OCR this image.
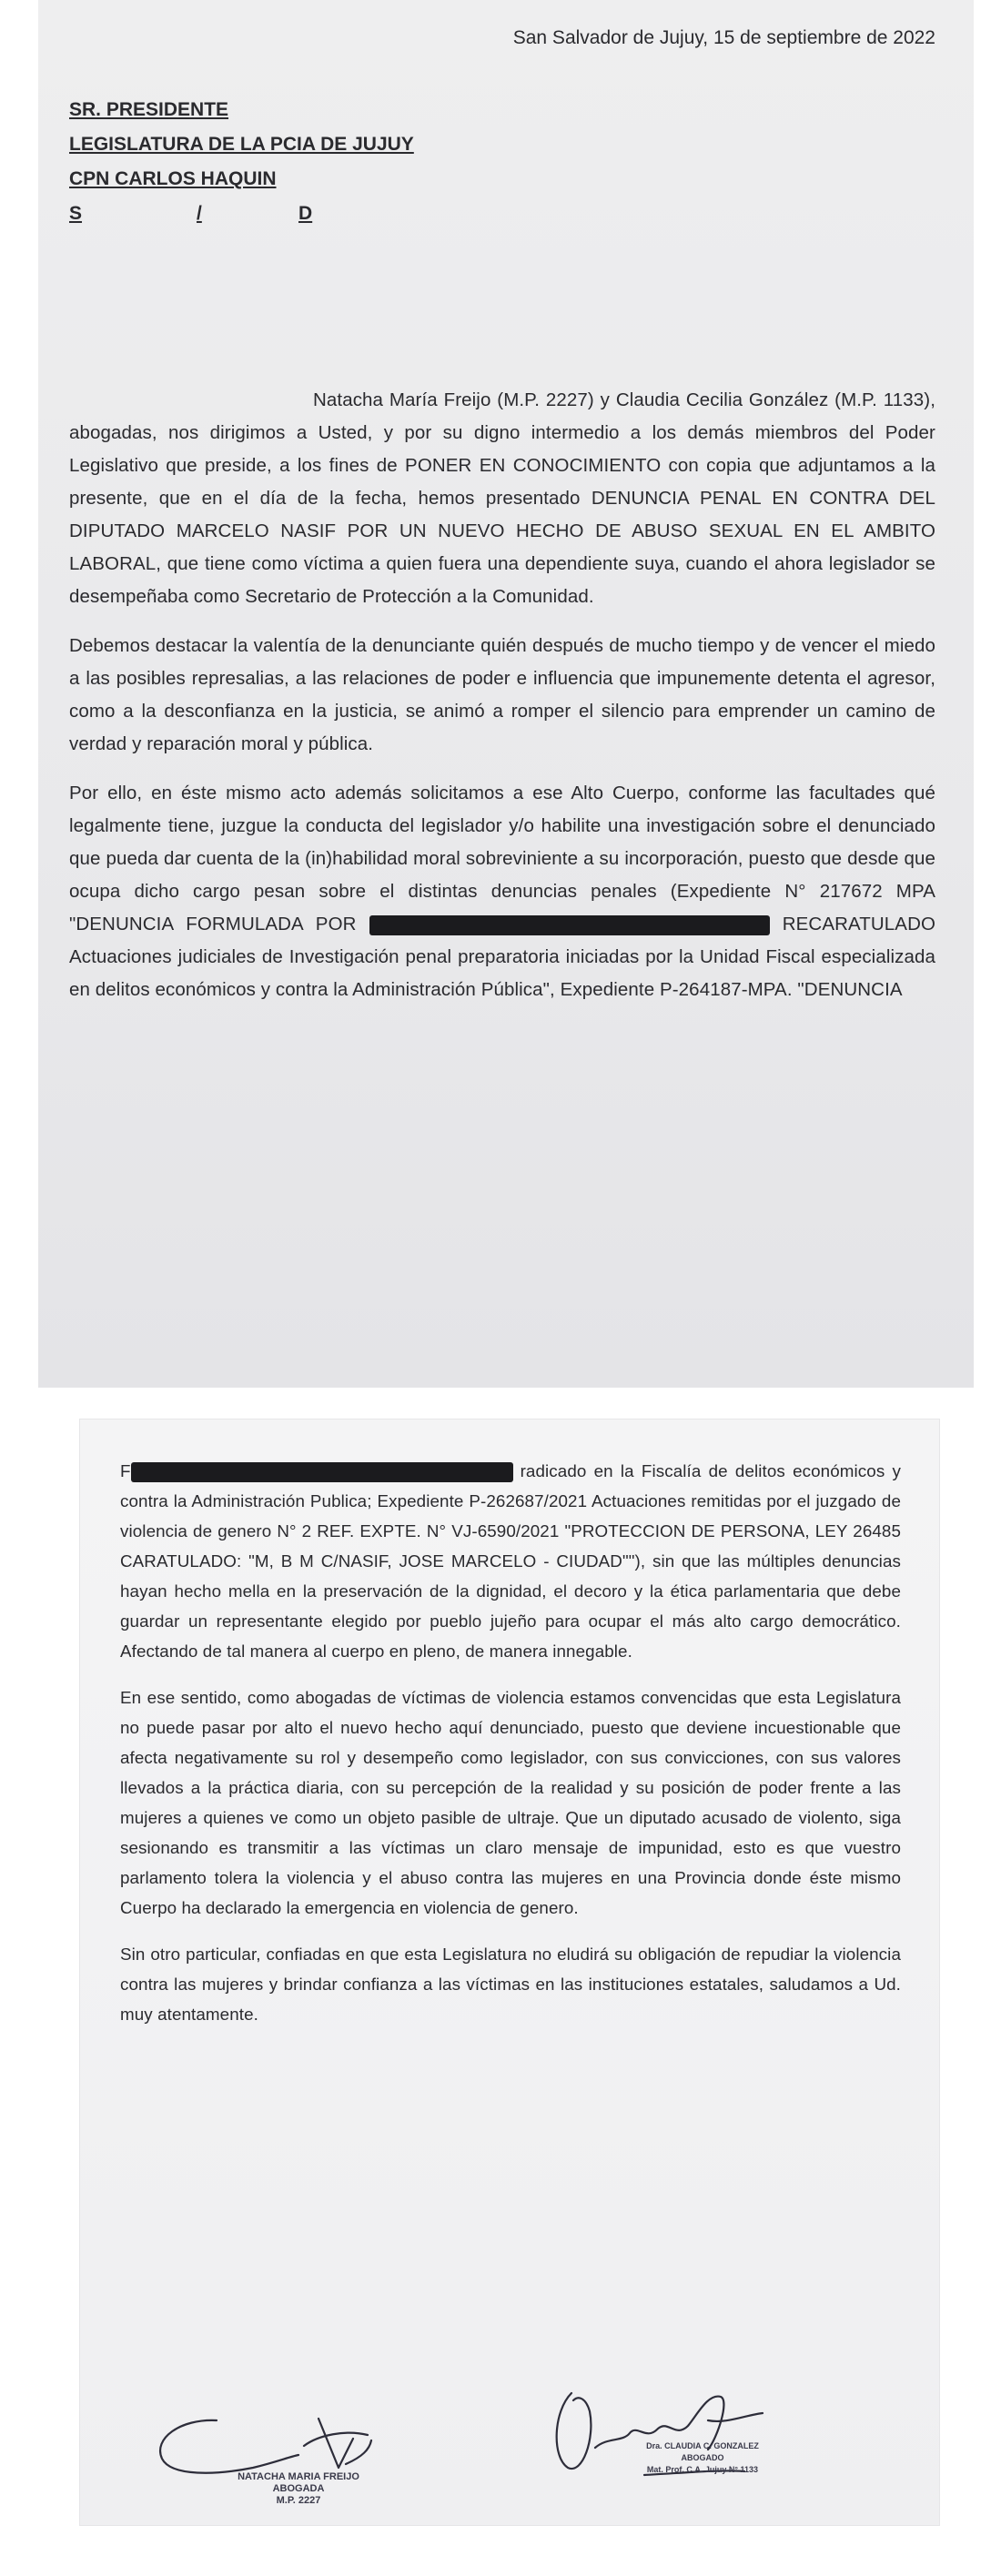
San Salvador de Jujuy, 15 de septiembre de 2022

SR. PRESIDENTE

LEGISLATURA DE LA PCIA DE JUJUY

CPN CARLOS HAQUIN

S	/	D

Natacha María Freijo (M.P. 2227) y Claudia Cecilia González (M.P. 1133), abogadas, nos dirigimos a Usted, y por su digno intermedio a los demás miembros del Poder Legislativo que preside, a los fines de PONER EN CONOCIMIENTO con copia que adjuntamos a la presente, que en el día de la fecha, hemos presentado DENUNCIA PENAL EN CONTRA DEL DIPUTADO MARCELO NASIF POR UN NUEVO HECHO DE ABUSO SEXUAL EN EL AMBITO LABORAL, que tiene como víctima a quien fuera una dependiente suya, cuando el ahora legislador se desempeñaba como Secretario de Protección a la Comunidad.

Debemos destacar la valentía de la denunciante quién después de mucho tiempo y de vencer el miedo a las posibles represalias, a las relaciones de poder e influencia que impunemente detenta el agresor, como a la desconfianza en la justicia, se animó a romper el silencio para emprender un camino de verdad y reparación moral y pública.

Por ello, en éste mismo acto además solicitamos a ese Alto Cuerpo, conforme las facultades qué legalmente tiene, juzgue la conducta del legislador y/o habilite una investigación sobre el denunciado que pueda dar cuenta de la (in)habilidad moral sobreviniente a su incorporación, puesto que desde que ocupa dicho cargo pesan sobre el distintas denuncias penales (Expediente N° 217672 MPA "DENUNCIA FORMULADA POR	RECARATULADO Actuaciones judiciales de Investigación penal preparatoria iniciadas por la Unidad Fiscal especializada en delitos económicos y contra la Administración Pública", Expediente P-264187-MPA. "DENUNCIA

F	radicado en la Fiscalía de delitos económicos y contra la Administración Publica; Expediente P-262687/2021 Actuaciones remitidas por el juzgado de violencia de genero N° 2 REF. EXPTE. N° VJ-6590/2021 "PROTECCION DE PERSONA, LEY 26485 CARATULADO: "M, B M C/NASIF, JOSE MARCELO - CIUDAD""), sin que las múltiples denuncias hayan hecho mella en la preservación de la dignidad, el decoro y la ética parlamentaria que debe guardar un representante elegido por pueblo jujeño para ocupar el más alto cargo democrático. Afectando de tal manera al cuerpo en pleno, de manera innegable.

En ese sentido, como abogadas de víctimas de violencia estamos convencidas que esta Legislatura no puede pasar por alto el nuevo hecho aquí denunciado, puesto que deviene incuestionable que afecta negativamente su rol y desempeño como legislador, con sus convicciones, con sus valores llevados a la práctica diaria, con su percepción de la realidad y su posición de poder frente a las mujeres a quienes ve como un objeto pasible de ultraje. Que un diputado acusado de violento, siga sesionando es transmitir a las víctimas un claro mensaje de impunidad, esto es que vuestro parlamento tolera la violencia y el abuso contra las mujeres en una Provincia donde éste mismo Cuerpo ha declarado la emergencia en violencia de genero.

Sin otro particular, confiadas en que esta Legislatura no eludirá su obligación de repudiar la violencia contra las mujeres y brindar confianza a las víctimas en las instituciones estatales, saludamos a Ud. muy atentamente.

NATACHA MARIA FREIJO
ABOGADA
M.P. 2227
Dra. CLAUDIA C. GONZALEZ
ABOGADO
Mat. Prof. C.A. Jujuy N° 1133
